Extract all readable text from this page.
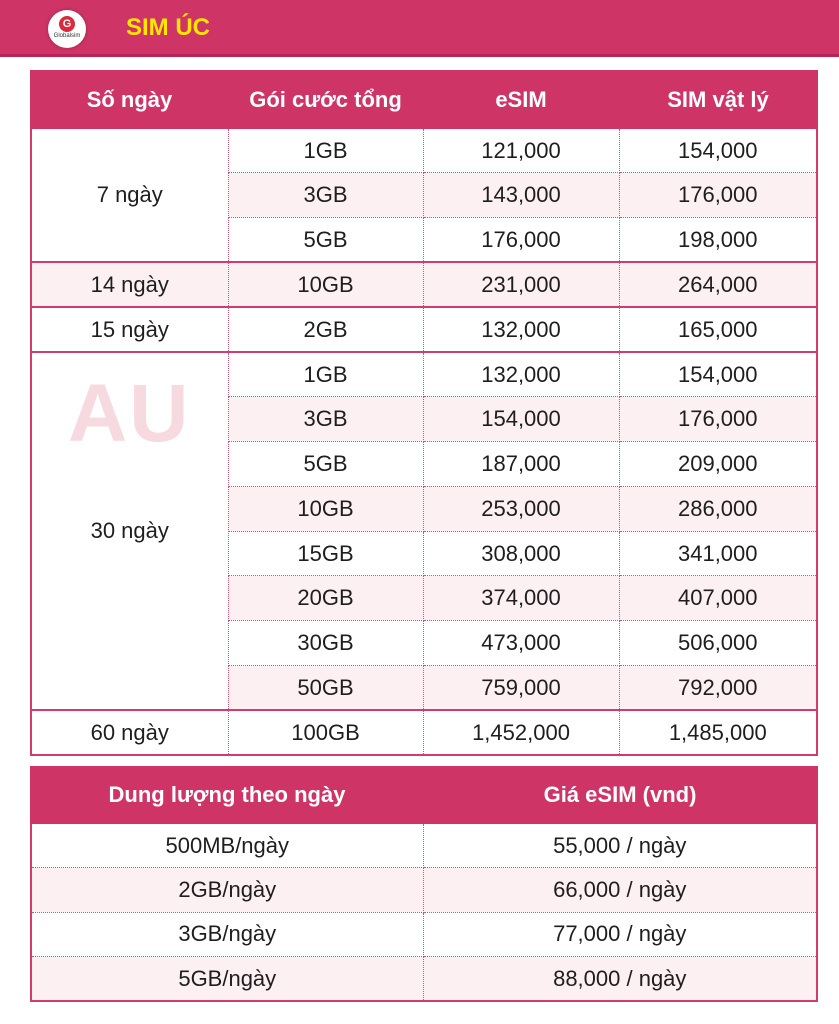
G
Globalsim SIM ÚC
Số ngày	Gói cước tổng	eSIM	SIM vật lý
7 ngày	1GB	121,000	154,000
	3GB	143,000	176,000
	5GB	176,000	198,000
14 ngày	10GB	231,000	264,000
15 ngày	2GB	132,000	165,000

AU
30 ngày	1GB	132,000	154,000
	3GB	154,000	176,000
	5GB	187,000	209,000
	10GB	253,000	286,000
	15GB	308,000	341,000
	20GB	374,000	407,000
	30GB	473,000	506,000
	50GB	759,000	792,000
60 ngày	100GB	1,452,000	1,485,000
Dung lượng theo ngày	Giá eSIM (vnd)
500MB/ngày	55,000 / ngày
2GB/ngày	66,000 / ngày
3GB/ngày	77,000 / ngày
5GB/ngày	88,000 / ngày
